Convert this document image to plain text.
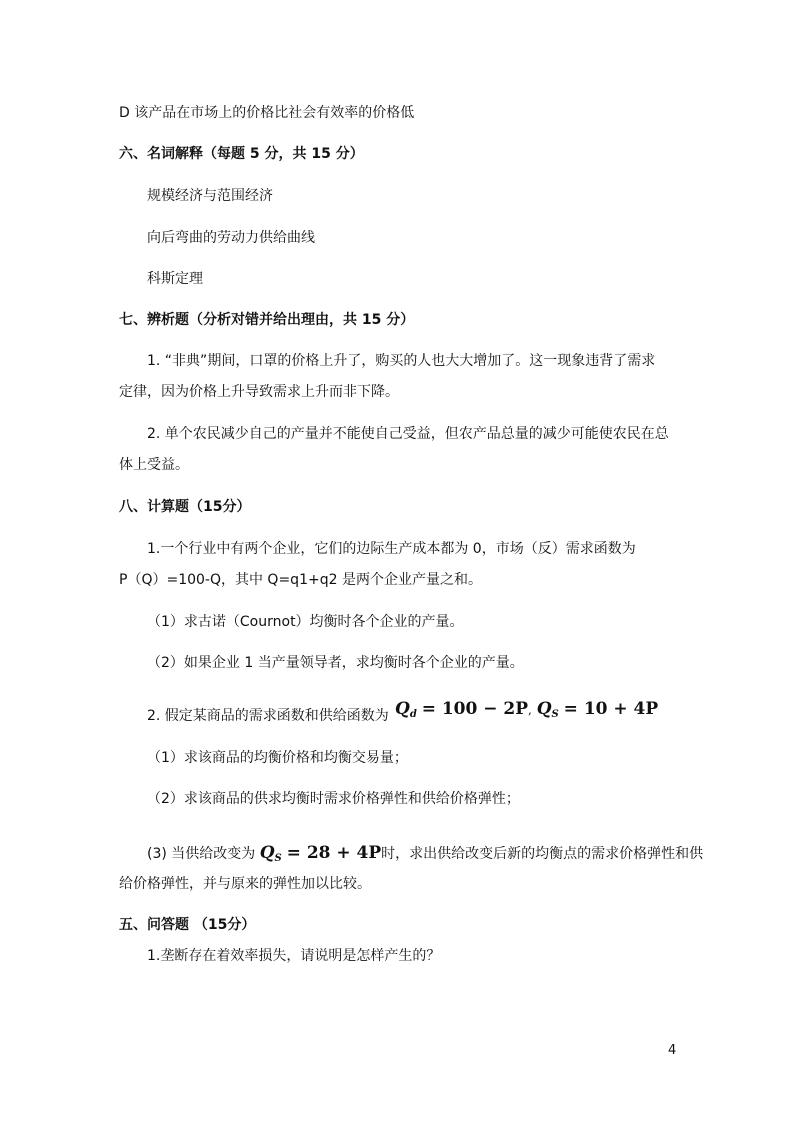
D 该产品在市场上的价格比社会有效率的价格低
六、名词解释（每题 5 分，共 15 分）
规模经济与范围经济
向后弯曲的劳动力供给曲线
科斯定理
七、辨析题（分析对错并给出理由，共 15 分）
1. “非典”期间，口罩的价格上升了，购买的人也大大增加了。这一现象违背了需求
定律，因为价格上升导致需求上升而非下降。
2. 单个农民减少自己的产量并不能使自己受益，但农产品总量的减少可能使农民在总
体上受益。
八、计算题（15分）
1.一个行业中有两个企业，它们的边际生产成本都为 0，市场（反）需求函数为
P（Q）=100-Q，其中 Q=q1+q2 是两个企业产量之和。
（1）求古诺（Cournot）均衡时各个企业的产量。
（2）如果企业 1 当产量领导者，求均衡时各个企业的产量。
2. 假定某商品的需求函数和供给函数为 $Q_d = 100 - 2P$, $Q_S = 10 + 4P$
（1）求该商品的均衡价格和均衡交易量；
（2）求该商品的供求均衡时需求价格弹性和供给价格弹性；
(3) 当供给改变为 $Q_S = 28 + 4P$时，求出供给改变后新的均衡点的需求价格弹性和供
给价格弹性，并与原来的弹性加以比较。
五、问答题 （15分）
1.垄断存在着效率损失，请说明是怎样产生的？
4
